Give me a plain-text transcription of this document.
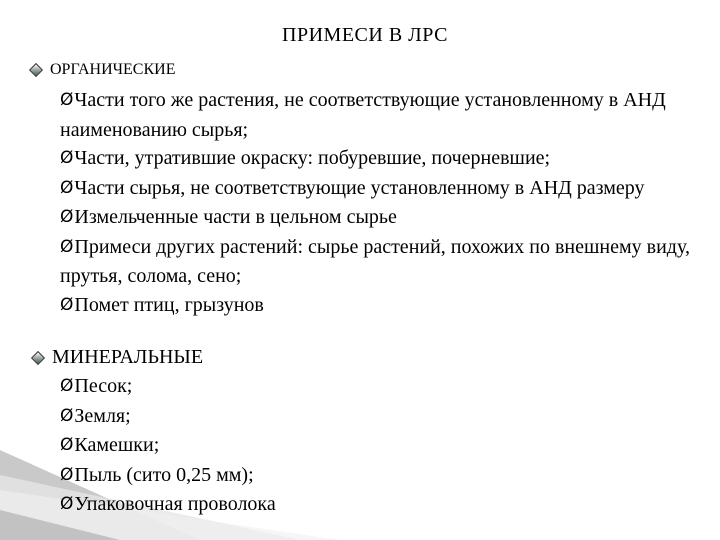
ПРИМЕСИ В ЛРС
ОРГАНИЧЕСКИЕ
ØЧасти того же растения, не соответствующие установленному в АНД наименованию сырья;
ØЧасти, утратившие окраску: побуревшие, почерневшие;
ØЧасти сырья, не соответствующие установленному в АНД размеру
ØИзмельченные части в цельном сырье
ØПримеси других растений: сырье растений, похожих по внешнему виду, прутья, солома, сено;
ØПомет птиц, грызунов
МИНЕРАЛЬНЫЕ
ØПесок;
ØЗемля;
ØКамешки;
ØПыль (сито 0,25 мм);
ØУпаковочная проволока
